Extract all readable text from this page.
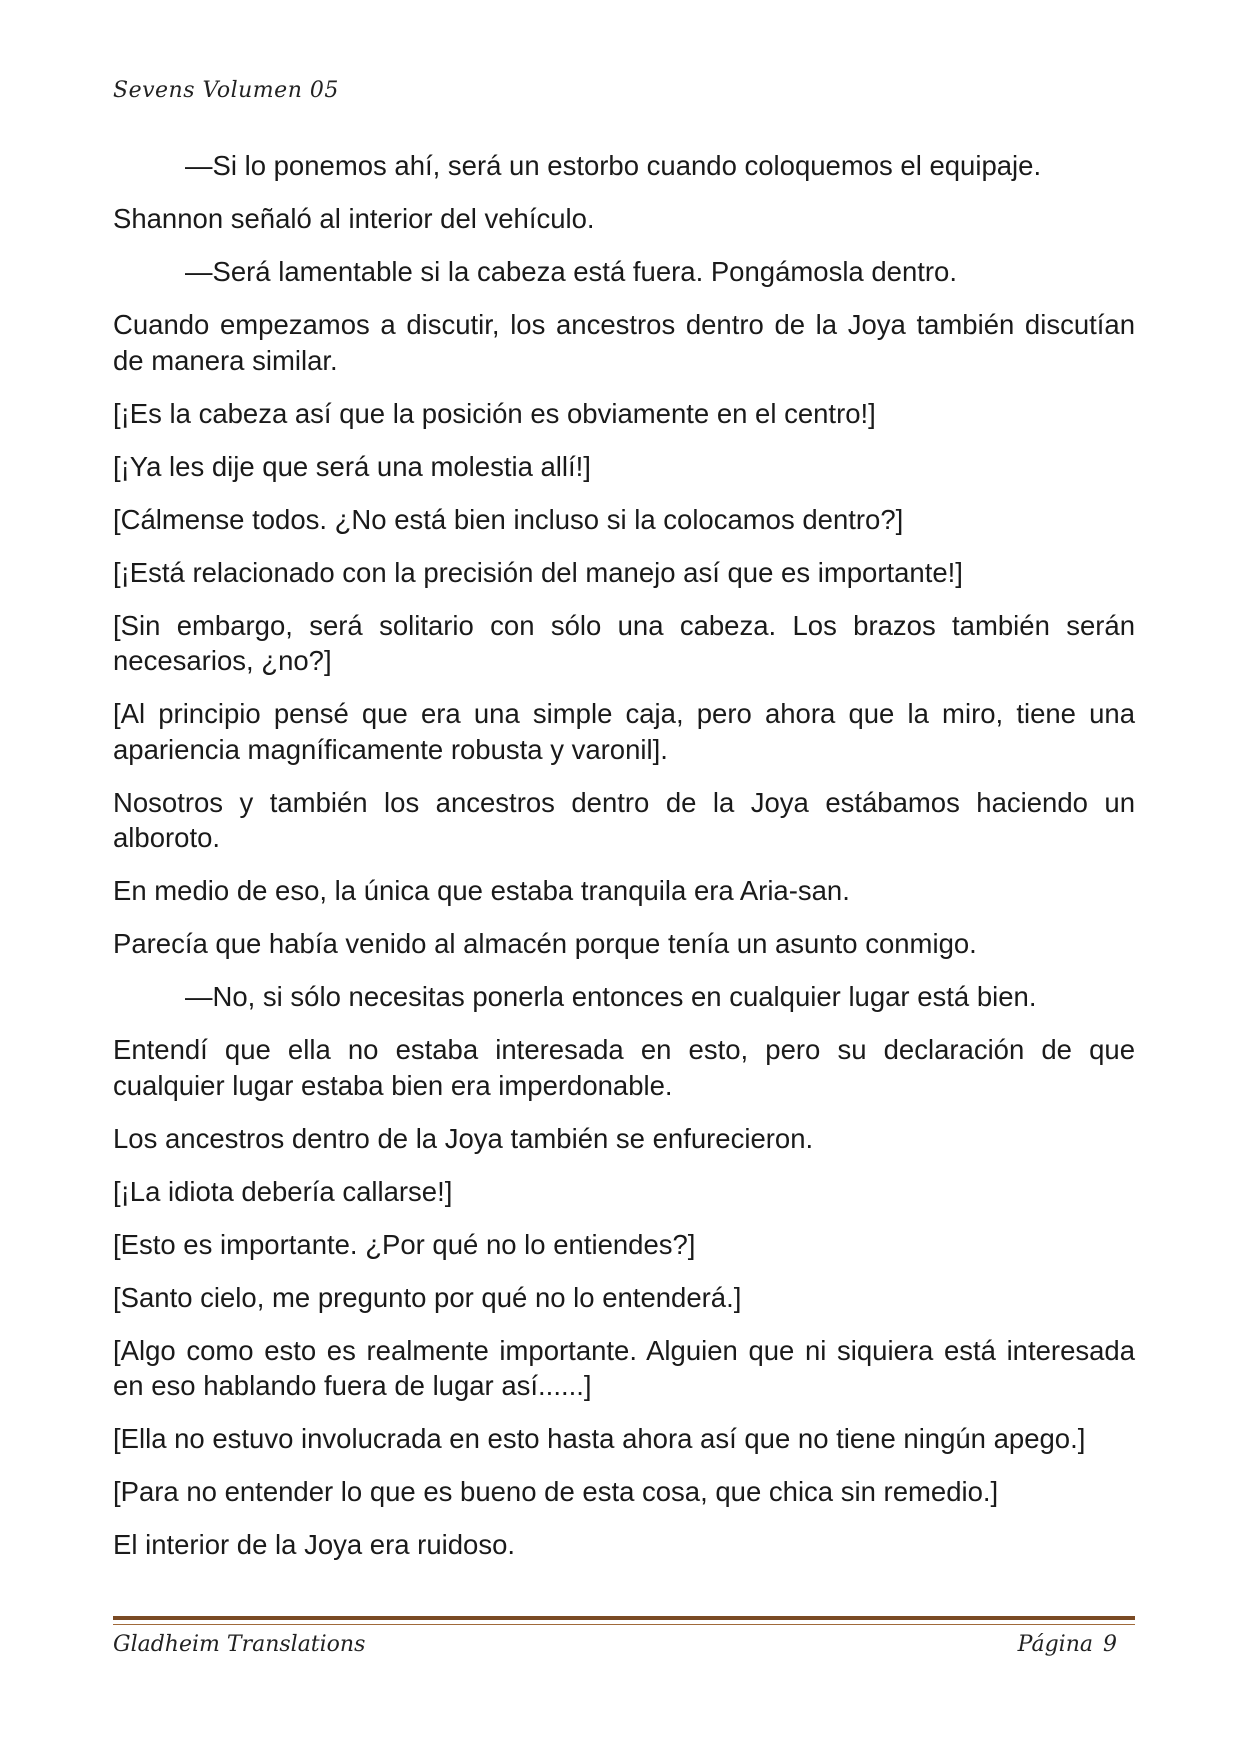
Sevens Volumen 05

—Si lo ponemos ahí, será un estorbo cuando coloquemos el equipaje.

Shannon señaló al interior del vehículo.

—Será lamentable si la cabeza está fuera. Pongámosla dentro.

Cuando empezamos a discutir, los ancestros dentro de la Joya también discutían de manera similar.

[¡Es la cabeza así que la posición es obviamente en el centro!]

[¡Ya les dije que será una molestia allí!]

[Cálmense todos. ¿No está bien incluso si la colocamos dentro?]

[¡Está relacionado con la precisión del manejo así que es importante!]

[Sin embargo, será solitario con sólo una cabeza. Los brazos también serán necesarios, ¿no?]

[Al principio pensé que era una simple caja, pero ahora que la miro, tiene una apariencia magníficamente robusta y varonil].

Nosotros y también los ancestros dentro de la Joya estábamos haciendo un alboroto.

En medio de eso, la única que estaba tranquila era Aria-san.

Parecía que había venido al almacén porque tenía un asunto conmigo.

—No, si sólo necesitas ponerla entonces en cualquier lugar está bien.

Entendí que ella no estaba interesada en esto, pero su declaración de que cualquier lugar estaba bien era imperdonable.

Los ancestros dentro de la Joya también se enfurecieron.

[¡La idiota debería callarse!]

[Esto es importante. ¿Por qué no lo entiendes?]

[Santo cielo, me pregunto por qué no lo entenderá.]

[Algo como esto es realmente importante. Alguien que ni siquiera está interesada en eso hablando fuera de lugar así......]

[Ella no estuvo involucrada en esto hasta ahora así que no tiene ningún apego.]

[Para no entender lo que es bueno de esta cosa, que chica sin remedio.]

El interior de la Joya era ruidoso.

Gladheim Translations	Página 9
